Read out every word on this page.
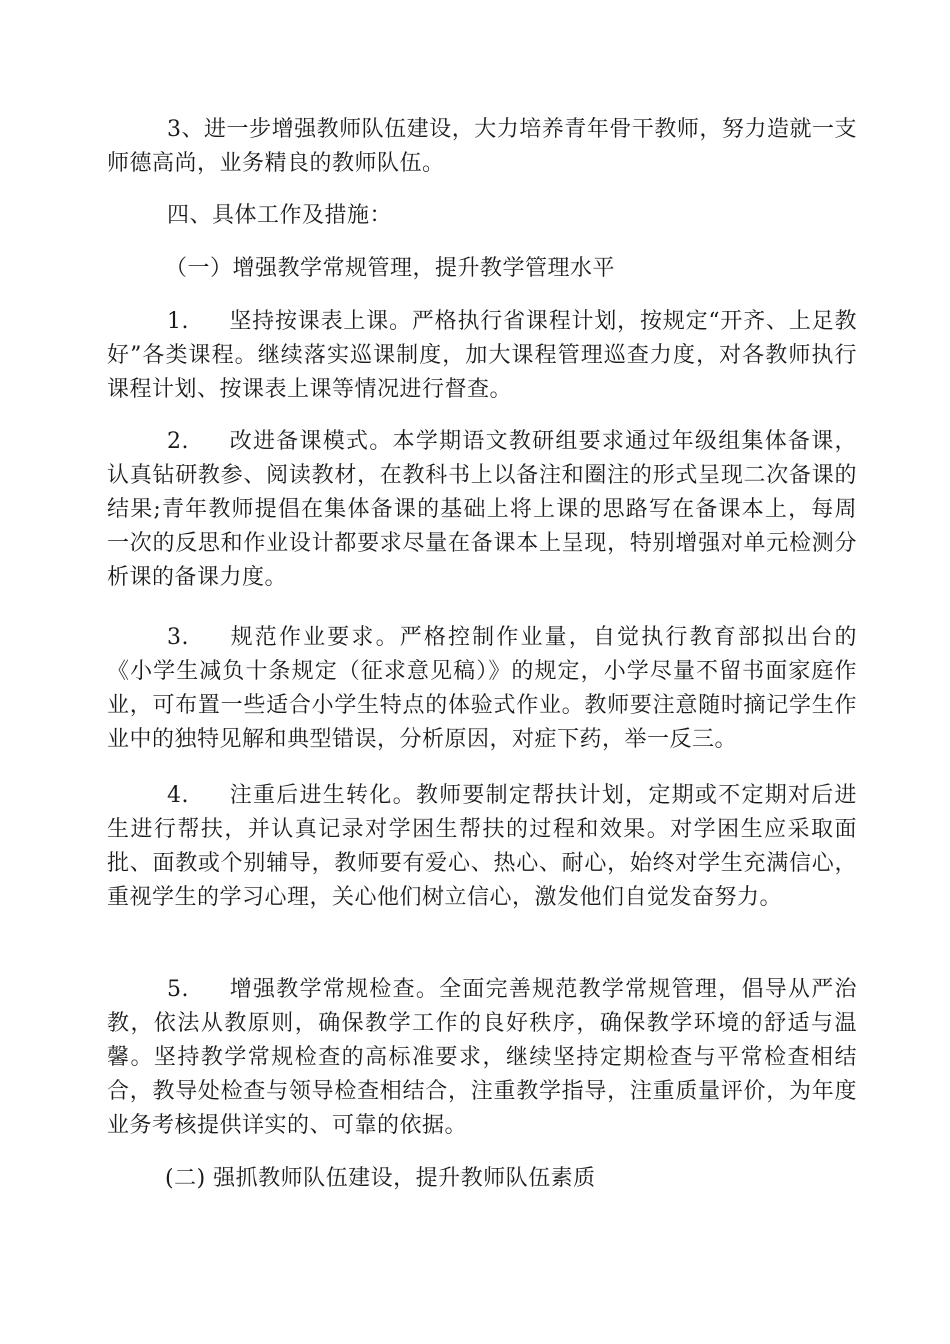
3、进一步增强教师队伍建设，大力培养青年骨干教师，努力造就一支师德高尚，业务精良的教师队伍。

四、具体工作及措施：

（一）增强教学常规管理，提升教学管理水平

1. 坚持按课表上课。严格执行省课程计划，按规定“开齐、上足教好”各类课程。继续落实巡课制度，加大课程管理巡查力度，对各教师执行课程计划、按课表上课等情况进行督查。

2. 改进备课模式。本学期语文教研组要求通过年级组集体备课，认真钻研教参、阅读教材，在教科书上以备注和圈注的形式呈现二次备课的结果;青年教师提倡在集体备课的基础上将上课的思路写在备课本上，每周一次的反思和作业设计都要求尽量在备课本上呈现，特别增强对单元检测分析课的备课力度。

3. 规范作业要求。严格控制作业量，自觉执行教育部拟出台的《小学生减负十条规定（征求意见稿）》的规定，小学尽量不留书面家庭作业，可布置一些适合小学生特点的体验式作业。教师要注意随时摘记学生作业中的独特见解和典型错误，分析原因，对症下药，举一反三。

4. 注重后进生转化。教师要制定帮扶计划，定期或不定期对后进生进行帮扶，并认真记录对学困生帮扶的过程和效果。对学困生应采取面批、面教或个别辅导，教师要有爱心、热心、耐心，始终对学生充满信心，重视学生的学习心理，关心他们树立信心，激发他们自觉发奋努力。

5. 增强教学常规检查。全面完善规范教学常规管理，倡导从严治教，依法从教原则，确保教学工作的良好秩序，确保教学环境的舒适与温馨。坚持教学常规检查的高标准要求，继续坚持定期检查与平常检查相结合，教导处检查与领导检查相结合，注重教学指导，注重质量评价，为年度业务考核提供详实的、可靠的依据。

(二) 强抓教师队伍建设，提升教师队伍素质
